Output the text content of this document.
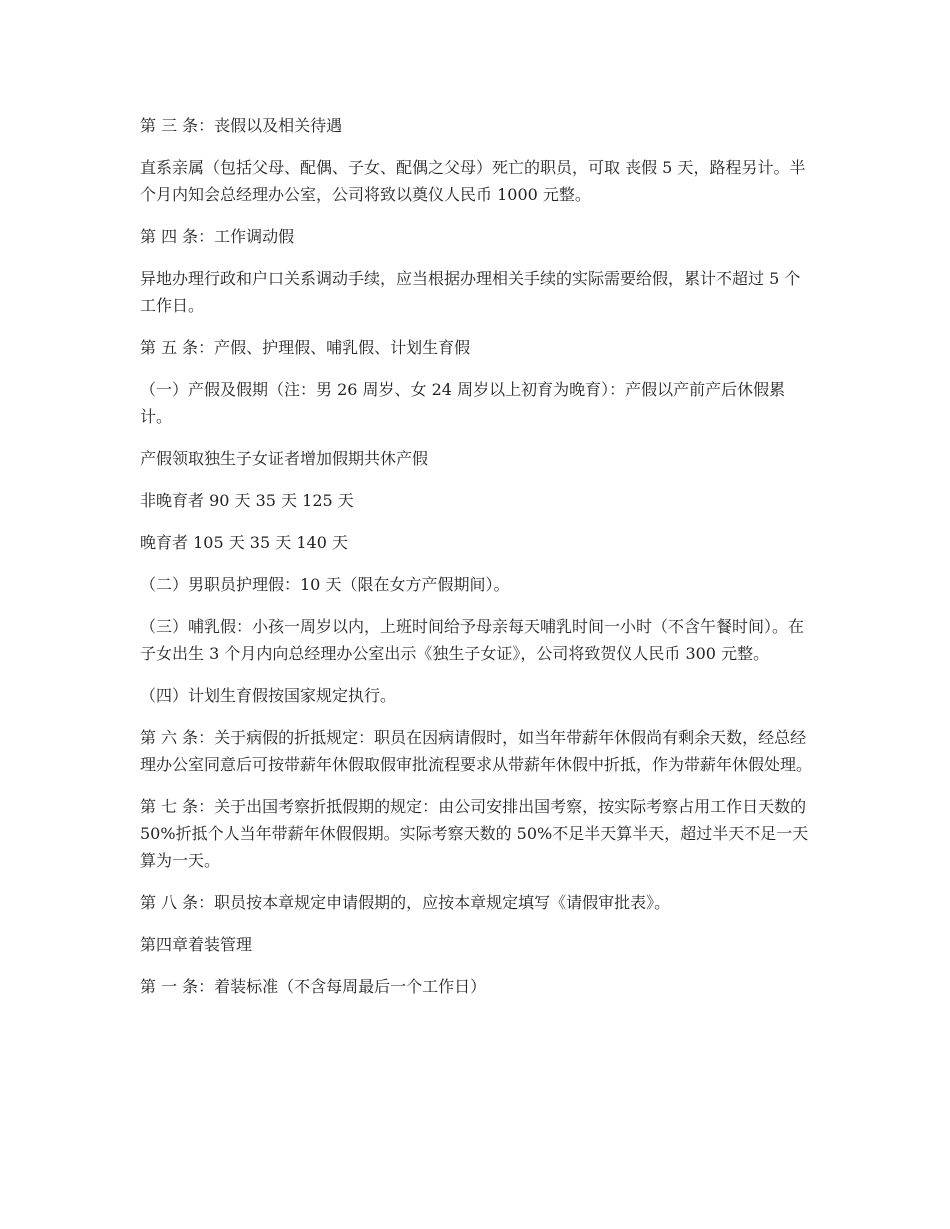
第 三 条：丧假以及相关待遇

直系亲属（包括父母、配偶、子女、配偶之父母）死亡的职员，可取 丧假 5 天，路程另计。半个月内知会总经理办公室，公司将致以奠仪人民币 1000 元整。

第 四 条：工作调动假

异地办理行政和户口关系调动手续，应当根据办理相关手续的实际需要给假，累计不超过 5 个工作日。

第 五 条：产假、护理假、哺乳假、计划生育假

（一）产假及假期（注：男 26 周岁、女 24 周岁以上初育为晚育）：产假以产前产后休假累计。

产假领取独生子女证者增加假期共休产假

非晚育者 90 天 35 天 125 天

晚育者 105 天 35 天 140 天

（二）男职员护理假：10 天（限在女方产假期间）。

（三）哺乳假：小孩一周岁以内，上班时间给予母亲每天哺乳时间一小时（不含午餐时间）。在子女出生 3 个月内向总经理办公室出示《独生子女证》，公司将致贺仪人民币 300 元整。

（四）计划生育假按国家规定执行。

第 六 条：关于病假的折抵规定：职员在因病请假时，如当年带薪年休假尚有剩余天数，经总经理办公室同意后可按带薪年休假取假审批流程要求从带薪年休假中折抵，作为带薪年休假处理。

第 七 条：关于出国考察折抵假期的规定：由公司安排出国考察，按实际考察占用工作日天数的 50%折抵个人当年带薪年休假假期。实际考察天数的 50%不足半天算半天，超过半天不足一天算为一天。

第 八 条：职员按本章规定申请假期的，应按本章规定填写《请假审批表》。

第四章着装管理

第 一 条：着装标准（不含每周最后一个工作日）
